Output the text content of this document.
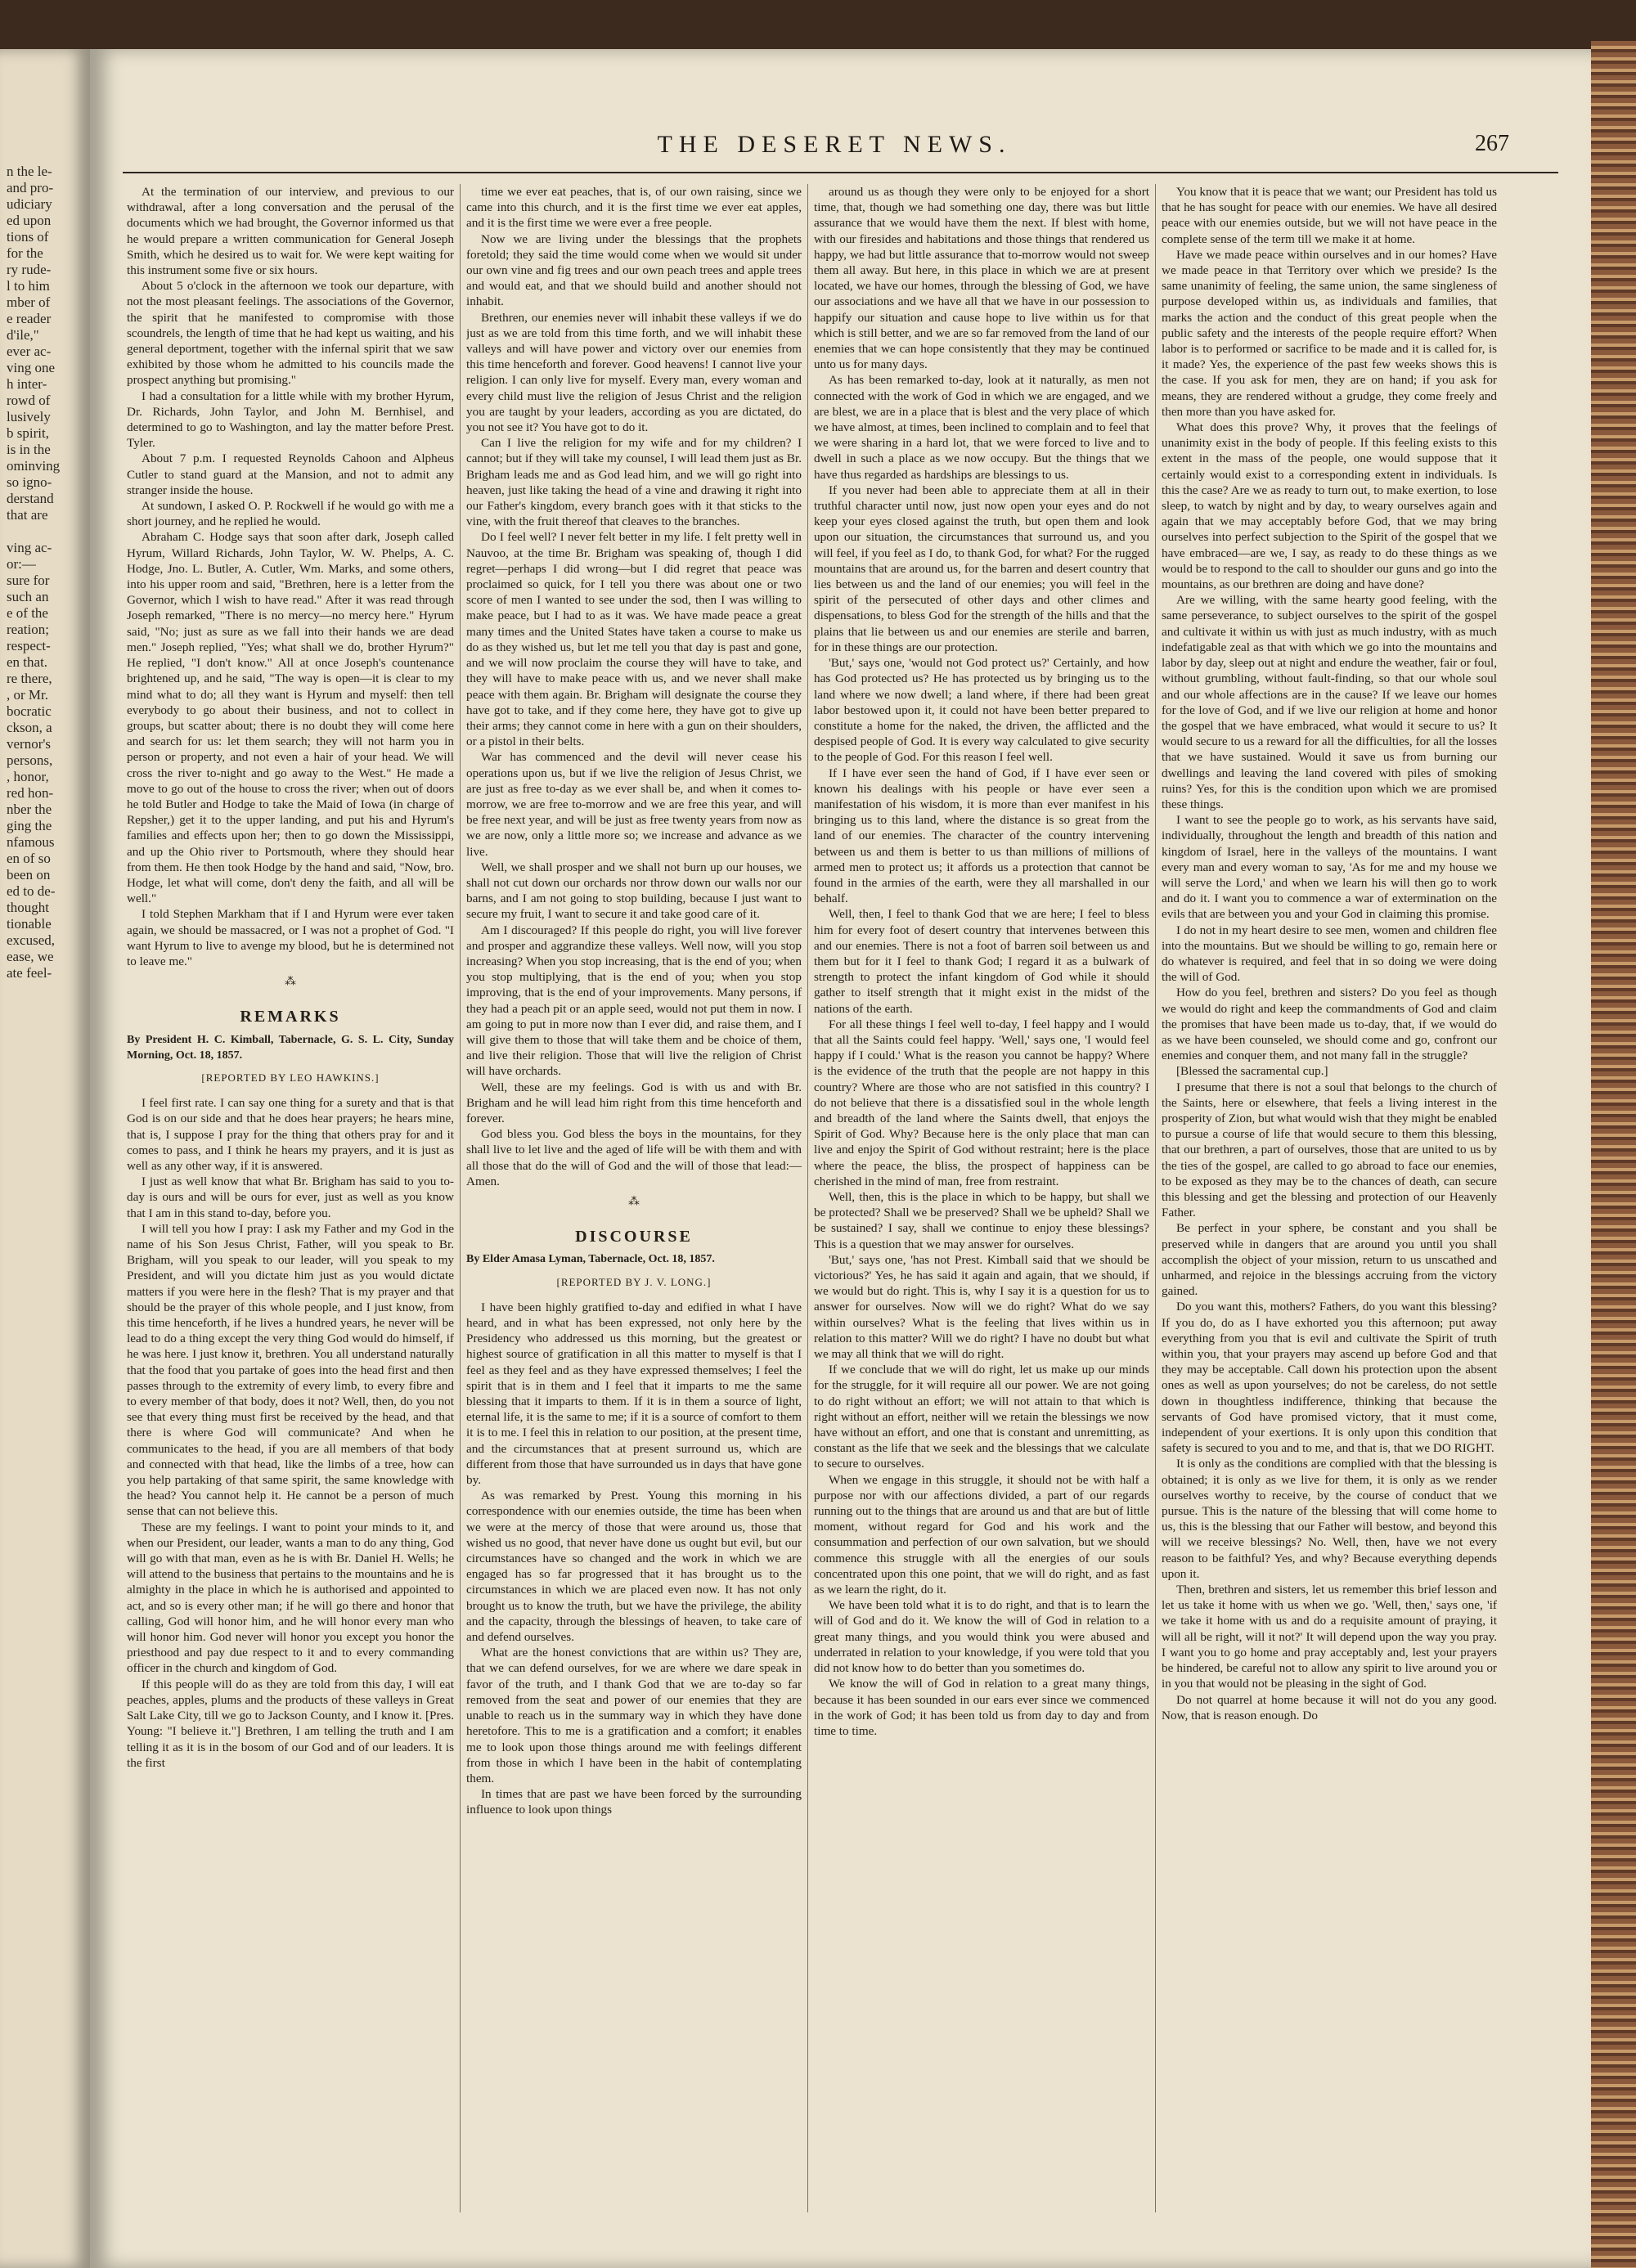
n the le-
and pro-
udiciary
ed upon
tions of
for the
ry rude-
l to him
mber of
e reader
d'ile,"
ever ac-
ving one
h inter-
rowd of
lusively
b spirit,
is in the
ominving
so igno-
derstand
that are

ving ac-
or:—
sure for
such an
e of the
reation;
respect-
en that.
re there,
, or Mr.
bocratic
ckson, a
vernor's
persons,
, honor,
red hon-
nber the
ging the
nfamous
en of so
been on
ed to de-
thought
tionable
excused,
ease, we
ate feel-
THE DESERET NEWS.	267

At the termination of our interview, and previous to our withdrawal, after a long conversation and the perusal of the documents which we had brought, the Governor informed us that he would prepare a written communication for General Joseph Smith, which he desired us to wait for. We were kept waiting for this instrument some five or six hours.

About 5 o'clock in the afternoon we took our departure, with not the most pleasant feelings. The associations of the Governor, the spirit that he manifested to compromise with those scoundrels, the length of time that he had kept us waiting, and his general deportment, together with the infernal spirit that we saw exhibited by those whom he admitted to his councils made the prospect anything but promising."

I had a consultation for a little while with my brother Hyrum, Dr. Richards, John Taylor, and John M. Bernhisel, and determined to go to Washington, and lay the matter before Prest. Tyler.

About 7 p.m. I requested Reynolds Cahoon and Alpheus Cutler to stand guard at the Mansion, and not to admit any stranger inside the house.

At sundown, I asked O. P. Rockwell if he would go with me a short journey, and he replied he would.

Abraham C. Hodge says that soon after dark, Joseph called Hyrum, Willard Richards, John Taylor, W. W. Phelps, A. C. Hodge, Jno. L. Butler, A. Cutler, Wm. Marks, and some others, into his upper room and said, "Brethren, here is a letter from the Governor, which I wish to have read." After it was read through Joseph remarked, "There is no mercy—no mercy here." Hyrum said, "No; just as sure as we fall into their hands we are dead men." Joseph replied, "Yes; what shall we do, brother Hyrum?" He replied, "I don't know." All at once Joseph's countenance brightened up, and he said, "The way is open—it is clear to my mind what to do; all they want is Hyrum and myself: then tell everybody to go about their business, and not to collect in groups, but scatter about; there is no doubt they will come here and search for us: let them search; they will not harm you in person or property, and not even a hair of your head. We will cross the river to-night and go away to the West." He made a move to go out of the house to cross the river; when out of doors he told Butler and Hodge to take the Maid of Iowa (in charge of Repsher,) get it to the upper landing, and put his and Hyrum's families and effects upon her; then to go down the Mississippi, and up the Ohio river to Portsmouth, where they should hear from them. He then took Hodge by the hand and said, "Now, bro. Hodge, let what will come, don't deny the faith, and all will be well."

I told Stephen Markham that if I and Hyrum were ever taken again, we should be massacred, or I was not a prophet of God. "I want Hyrum to live to avenge my blood, but he is determined not to leave me."

⁂
REMARKS
By President H. C. Kimball, Tabernacle, G. S. L. City, Sunday Morning, Oct. 18, 1857.
[REPORTED BY LEO HAWKINS.]

I feel first rate. I can say one thing for a surety and that is that God is on our side and that he does hear prayers; he hears mine, that is, I suppose I pray for the thing that others pray for and it comes to pass, and I think he hears my prayers, and it is just as well as any other way, if it is answered.

I just as well know that what Br. Brigham has said to you to-day is ours and will be ours for ever, just as well as you know that I am in this stand to-day, before you.

I will tell you how I pray: I ask my Father and my God in the name of his Son Jesus Christ, Father, will you speak to Br. Brigham, will you speak to our leader, will you speak to my President, and will you dictate him just as you would dictate matters if you were here in the flesh? That is my prayer and that should be the prayer of this whole people, and I just know, from this time henceforth, if he lives a hundred years, he never will be lead to do a thing except the very thing God would do himself, if he was here. I just know it, brethren. You all understand naturally that the food that you partake of goes into the head first and then passes through to the extremity of every limb, to every fibre and to every member of that body, does it not? Well, then, do you not see that every thing must first be received by the head, and that there is where God will communicate? And when he communicates to the head, if you are all members of that body and connected with that head, like the limbs of a tree, how can you help partaking of that same spirit, the same knowledge with the head? You cannot help it. He cannot be a person of much sense that can not believe this.

These are my feelings. I want to point your minds to it, and when our President, our leader, wants a man to do any thing, God will go with that man, even as he is with Br. Daniel H. Wells; he will attend to the business that pertains to the mountains and he is almighty in the place in which he is authorised and appointed to act, and so is every other man; if he will go there and honor that calling, God will honor him, and he will honor every man who will honor him. God never will honor you except you honor the priesthood and pay due respect to it and to every commanding officer in the church and kingdom of God.

If this people will do as they are told from this day, I will eat peaches, apples, plums and the products of these valleys in Great Salt Lake City, till we go to Jackson County, and I know it. [Pres. Young: "I believe it."] Brethren, I am telling the truth and I am telling it as it is in the bosom of our God and of our leaders. It is the first

time we ever eat peaches, that is, of our own raising, since we came into this church, and it is the first time we ever eat apples, and it is the first time we were ever a free people.

Now we are living under the blessings that the prophets foretold; they said the time would come when we would sit under our own vine and fig trees and our own peach trees and apple trees and would eat, and that we should build and another should not inhabit.

Brethren, our enemies never will inhabit these valleys if we do just as we are told from this time forth, and we will inhabit these valleys and will have power and victory over our enemies from this time henceforth and forever. Good heavens! I cannot live your religion. I can only live for myself. Every man, every woman and every child must live the religion of Jesus Christ and the religion you are taught by your leaders, according as you are dictated, do you not see it? You have got to do it.

Can I live the religion for my wife and for my children? I cannot; but if they will take my counsel, I will lead them just as Br. Brigham leads me and as God lead him, and we will go right into heaven, just like taking the head of a vine and drawing it right into our Father's kingdom, every branch goes with it that sticks to the vine, with the fruit thereof that cleaves to the branches.

Do I feel well? I never felt better in my life. I felt pretty well in Nauvoo, at the time Br. Brigham was speaking of, though I did regret—perhaps I did wrong—but I did regret that peace was proclaimed so quick, for I tell you there was about one or two score of men I wanted to see under the sod, then I was willing to make peace, but I had to as it was. We have made peace a great many times and the United States have taken a course to make us do as they wished us, but let me tell you that day is past and gone, and we will now proclaim the course they will have to take, and they will have to make peace with us, and we never shall make peace with them again. Br. Brigham will designate the course they have got to take, and if they come here, they have got to give up their arms; they cannot come in here with a gun on their shoulders, or a pistol in their belts.

War has commenced and the devil will never cease his operations upon us, but if we live the religion of Jesus Christ, we are just as free to-day as we ever shall be, and when it comes to-morrow, we are free to-morrow and we are free this year, and will be free next year, and will be just as free twenty years from now as we are now, only a little more so; we increase and advance as we live.

Well, we shall prosper and we shall not burn up our houses, we shall not cut down our orchards nor throw down our walls nor our barns, and I am not going to stop building, because I just want to secure my fruit, I want to secure it and take good care of it.

Am I discouraged? If this people do right, you will live forever and prosper and aggrandize these valleys. Well now, will you stop increasing? When you stop increasing, that is the end of you; when you stop multiplying, that is the end of you; when you stop improving, that is the end of your improvements. Many persons, if they had a peach pit or an apple seed, would not put them in now. I am going to put in more now than I ever did, and raise them, and I will give them to those that will take them and be choice of them, and live their religion. Those that will live the religion of Christ will have orchards.

Well, these are my feelings. God is with us and with Br. Brigham and he will lead him right from this time henceforth and forever.

God bless you. God bless the boys in the mountains, for they shall live to let live and the aged of life will be with them and with all those that do the will of God and the will of those that lead:—Amen.

⁂
DISCOURSE
By Elder Amasa Lyman, Tabernacle, Oct. 18, 1857.
[REPORTED BY J. V. LONG.]

I have been highly gratified to-day and edified in what I have heard, and in what has been expressed, not only here by the Presidency who addressed us this morning, but the greatest or highest source of gratification in all this matter to myself is that I feel as they feel and as they have expressed themselves; I feel the spirit that is in them and I feel that it imparts to me the same blessing that it imparts to them. If it is in them a source of light, eternal life, it is the same to me; if it is a source of comfort to them it is to me. I feel this in relation to our position, at the present time, and the circumstances that at present surround us, which are different from those that have surrounded us in days that have gone by.

As was remarked by Prest. Young this morning in his correspondence with our enemies outside, the time has been when we were at the mercy of those that were around us, those that wished us no good, that never have done us ought but evil, but our circumstances have so changed and the work in which we are engaged has so far progressed that it has brought us to the circumstances in which we are placed even now. It has not only brought us to know the truth, but we have the privilege, the ability and the capacity, through the blessings of heaven, to take care of and defend ourselves.

What are the honest convictions that are within us? They are, that we can defend ourselves, for we are where we dare speak in favor of the truth, and I thank God that we are to-day so far removed from the seat and power of our enemies that they are unable to reach us in the summary way in which they have done heretofore. This to me is a gratification and a comfort; it enables me to look upon those things around me with feelings different from those in which I have been in the habit of contemplating them.

In times that are past we have been forced by the surrounding influence to look upon things

around us as though they were only to be enjoyed for a short time, that, though we had something one day, there was but little assurance that we would have them the next. If blest with home, with our firesides and habitations and those things that rendered us happy, we had but little assurance that to-morrow would not sweep them all away. But here, in this place in which we are at present located, we have our homes, through the blessing of God, we have our associations and we have all that we have in our possession to happify our situation and cause hope to live within us for that which is still better, and we are so far removed from the land of our enemies that we can hope consistently that they may be continued unto us for many days.

As has been remarked to-day, look at it naturally, as men not connected with the work of God in which we are engaged, and we are blest, we are in a place that is blest and the very place of which we have almost, at times, been inclined to complain and to feel that we were sharing in a hard lot, that we were forced to live and to dwell in such a place as we now occupy. But the things that we have thus regarded as hardships are blessings to us.

If you never had been able to appreciate them at all in their truthful character until now, just now open your eyes and do not keep your eyes closed against the truth, but open them and look upon our situation, the circumstances that surround us, and you will feel, if you feel as I do, to thank God, for what? For the rugged mountains that are around us, for the barren and desert country that lies between us and the land of our enemies; you will feel in the spirit of the persecuted of other days and other climes and dispensations, to bless God for the strength of the hills and that the plains that lie between us and our enemies are sterile and barren, for in these things are our protection.

'But,' says one, 'would not God protect us?' Certainly, and how has God protected us? He has protected us by bringing us to the land where we now dwell; a land where, if there had been great labor bestowed upon it, it could not have been better prepared to constitute a home for the naked, the driven, the afflicted and the despised people of God. It is every way calculated to give security to the people of God. For this reason I feel well.

If I have ever seen the hand of God, if I have ever seen or known his dealings with his people or have ever seen a manifestation of his wisdom, it is more than ever manifest in his bringing us to this land, where the distance is so great from the land of our enemies. The character of the country intervening between us and them is better to us than millions of millions of armed men to protect us; it affords us a protection that cannot be found in the armies of the earth, were they all marshalled in our behalf.

Well, then, I feel to thank God that we are here; I feel to bless him for every foot of desert country that intervenes between this and our enemies. There is not a foot of barren soil between us and them but for it I feel to thank God; I regard it as a bulwark of strength to protect the infant kingdom of God while it should gather to itself strength that it might exist in the midst of the nations of the earth.

For all these things I feel well to-day, I feel happy and I would that all the Saints could feel happy. 'Well,' says one, 'I would feel happy if I could.' What is the reason you cannot be happy? Where is the evidence of the truth that the people are not happy in this country? Where are those who are not satisfied in this country? I do not believe that there is a dissatisfied soul in the whole length and breadth of the land where the Saints dwell, that enjoys the Spirit of God. Why? Because here is the only place that man can live and enjoy the Spirit of God without restraint; here is the place where the peace, the bliss, the prospect of happiness can be cherished in the mind of man, free from restraint.

Well, then, this is the place in which to be happy, but shall we be protected? Shall we be preserved? Shall we be upheld? Shall we be sustained? I say, shall we continue to enjoy these blessings? This is a question that we may answer for ourselves.

'But,' says one, 'has not Prest. Kimball said that we should be victorious?' Yes, he has said it again and again, that we should, if we would but do right. This is, why I say it is a question for us to answer for ourselves. Now will we do right? What do we say within ourselves? What is the feeling that lives within us in relation to this matter? Will we do right? I have no doubt but what we may all think that we will do right.

If we conclude that we will do right, let us make up our minds for the struggle, for it will require all our power. We are not going to do right without an effort; we will not attain to that which is right without an effort, neither will we retain the blessings we now have without an effort, and one that is constant and unremitting, as constant as the life that we seek and the blessings that we calculate to secure to ourselves.

When we engage in this struggle, it should not be with half a purpose nor with our affections divided, a part of our regards running out to the things that are around us and that are but of little moment, without regard for God and his work and the consummation and perfection of our own salvation, but we should commence this struggle with all the energies of our souls concentrated upon this one point, that we will do right, and as fast as we learn the right, do it.

We have been told what it is to do right, and that is to learn the will of God and do it. We know the will of God in relation to a great many things, and you would think you were abused and underrated in relation to your knowledge, if you were told that you did not know how to do better than you sometimes do.

We know the will of God in relation to a great many things, because it has been sounded in our ears ever since we commenced in the work of God; it has been told us from day to day and from time to time.

You know that it is peace that we want; our President has told us that he has sought for peace with our enemies. We have all desired peace with our enemies outside, but we will not have peace in the complete sense of the term till we make it at home.

Have we made peace within ourselves and in our homes? Have we made peace in that Territory over which we preside? Is the same unanimity of feeling, the same union, the same singleness of purpose developed within us, as individuals and families, that marks the action and the conduct of this great people when the public safety and the interests of the people require effort? When labor is to performed or sacrifice to be made and it is called for, is it made? Yes, the experience of the past few weeks shows this is the case. If you ask for men, they are on hand; if you ask for means, they are rendered without a grudge, they come freely and then more than you have asked for.

What does this prove? Why, it proves that the feelings of unanimity exist in the body of people. If this feeling exists to this extent in the mass of the people, one would suppose that it certainly would exist to a corresponding extent in individuals. Is this the case? Are we as ready to turn out, to make exertion, to lose sleep, to watch by night and by day, to weary ourselves again and again that we may acceptably before God, that we may bring ourselves into perfect subjection to the Spirit of the gospel that we have embraced—are we, I say, as ready to do these things as we would be to respond to the call to shoulder our guns and go into the mountains, as our brethren are doing and have done?

Are we willing, with the same hearty good feeling, with the same perseverance, to subject ourselves to the spirit of the gospel and cultivate it within us with just as much industry, with as much indefatigable zeal as that with which we go into the mountains and labor by day, sleep out at night and endure the weather, fair or foul, without grumbling, without fault-finding, so that our whole soul and our whole affections are in the cause? If we leave our homes for the love of God, and if we live our religion at home and honor the gospel that we have embraced, what would it secure to us? It would secure to us a reward for all the difficulties, for all the losses that we have sustained. Would it save us from burning our dwellings and leaving the land covered with piles of smoking ruins? Yes, for this is the condition upon which we are promised these things.

I want to see the people go to work, as his servants have said, individually, throughout the length and breadth of this nation and kingdom of Israel, here in the valleys of the mountains. I want every man and every woman to say, 'As for me and my house we will serve the Lord,' and when we learn his will then go to work and do it. I want you to commence a war of extermination on the evils that are between you and your God in claiming this promise.

I do not in my heart desire to see men, women and children flee into the mountains. But we should be willing to go, remain here or do whatever is required, and feel that in so doing we were doing the will of God.

How do you feel, brethren and sisters? Do you feel as though we would do right and keep the commandments of God and claim the promises that have been made us to-day, that, if we would do as we have been counseled, we should come and go, confront our enemies and conquer them, and not many fall in the struggle?

[Blessed the sacramental cup.]

I presume that there is not a soul that belongs to the church of the Saints, here or elsewhere, that feels a living interest in the prosperity of Zion, but what would wish that they might be enabled to pursue a course of life that would secure to them this blessing, that our brethren, a part of ourselves, those that are united to us by the ties of the gospel, are called to go abroad to face our enemies, to be exposed as they may be to the chances of death, can secure this blessing and get the blessing and protection of our Heavenly Father.

Be perfect in your sphere, be constant and you shall be preserved while in dangers that are around you until you shall accomplish the object of your mission, return to us unscathed and unharmed, and rejoice in the blessings accruing from the victory gained.

Do you want this, mothers? Fathers, do you want this blessing? If you do, do as I have exhorted you this afternoon; put away everything from you that is evil and cultivate the Spirit of truth within you, that your prayers may ascend up before God and that they may be acceptable. Call down his protection upon the absent ones as well as upon yourselves; do not be careless, do not settle down in thoughtless indifference, thinking that because the servants of God have promised victory, that it must come, independent of your exertions. It is only upon this condition that safety is secured to you and to me, and that is, that we DO RIGHT.

It is only as the conditions are complied with that the blessing is obtained; it is only as we live for them, it is only as we render ourselves worthy to receive, by the course of conduct that we pursue. This is the nature of the blessing that will come home to us, this is the blessing that our Father will bestow, and beyond this will we receive blessings? No. Well, then, have we not every reason to be faithful? Yes, and why? Because everything depends upon it.

Then, brethren and sisters, let us remember this brief lesson and let us take it home with us when we go. 'Well, then,' says one, 'if we take it home with us and do a requisite amount of praying, it will all be right, will it not?' It will depend upon the way you pray. I want you to go home and pray acceptably and, lest your prayers be hindered, be careful not to allow any spirit to live around you or in you that would not be pleasing in the sight of God.

Do not quarrel at home because it will not do you any good. Now, that is reason enough. Do
